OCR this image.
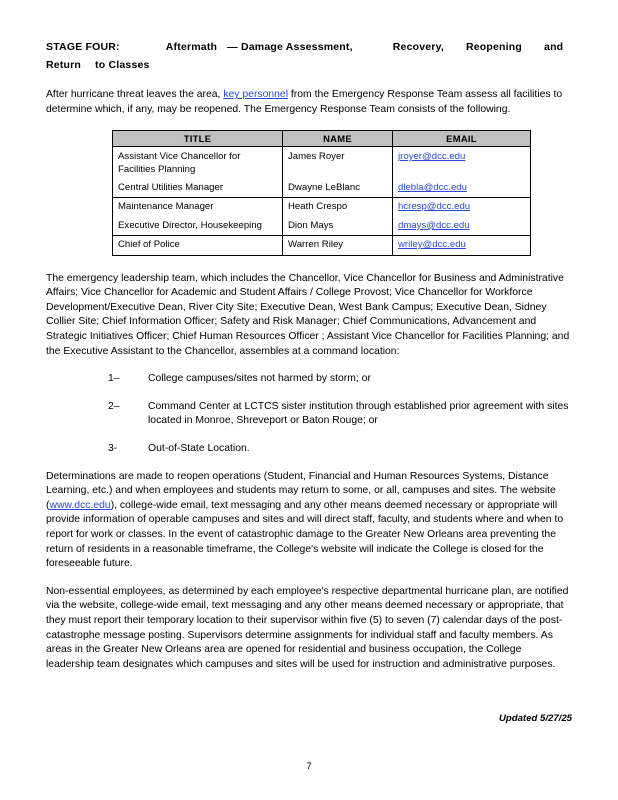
STAGE FOUR:	Aftermath — Damage Assessment,	Recovery, Reopening and
Return to Classes

After hurricane threat leaves the area, key personnel from the Emergency Response Team assess all facilities to determine which, if any, may be reopened. The Emergency Response Team consists of the following.

TITLE	NAME	EMAIL
Assistant Vice Chancellor for Facilities Planning	James Royer	jroyer@dcc.edu
Central Utilities Manager	Dwayne LeBlanc	dlebla@dcc.edu
Maintenance Manager	Heath Crespo	hcresp@dcc.edu
Executive Director, Housekeeping	Dion Mays	dmays@dcc.edu
Chief of Police	Warren Riley	wriley@dcc.edu

The emergency leadership team, which includes the Chancellor, Vice Chancellor for Business and Administrative Affairs; Vice Chancellor for Academic and Student Affairs / College Provost; Vice Chancellor for Workforce Development/Executive Dean, River City Site; Executive Dean, West Bank Campus; Executive Dean, Sidney Collier Site; Chief Information Officer; Safety and Risk Manager; Chief Communications, Advancement and Strategic Initiatives Officer; Chief Human Resources Officer ; Assistant Vice Chancellor for Facilities Planning; and the Executive Assistant to the Chancellor, assembles at a command location:

1–	College campuses/sites not harmed by storm; or
2–	Command Center at LCTCS sister institution through established prior agreement with sites located in Monroe, Shreveport or Baton Rouge; or
3-	Out-of-State Location.

Determinations are made to reopen operations (Student, Financial and Human Resources Systems, Distance Learning, etc.) and when employees and students may return to some, or all, campuses and sites. The website (www.dcc.edu), college-wide email, text messaging and any other means deemed necessary or appropriate will provide information of operable campuses and sites and will direct staff, faculty, and students where and when to report for work or classes. In the event of catastrophic damage to the Greater New Orleans area preventing the return of residents in a reasonable timeframe, the College's website will indicate the College is closed for the foreseeable future.

Non-essential employees, as determined by each employee's respective departmental hurricane plan, are notified via the website, college-wide email, text messaging and any other means deemed necessary or appropriate, that they must report their temporary location to their supervisor within five (5) to seven (7) calendar days of the post-catastrophe message posting. Supervisors determine assignments for individual staff and faculty members. As areas in the Greater New Orleans area are opened for residential and business occupation, the College leadership team designates which campuses and sites will be used for instruction and administrative purposes.

Updated 5/27/25
7
